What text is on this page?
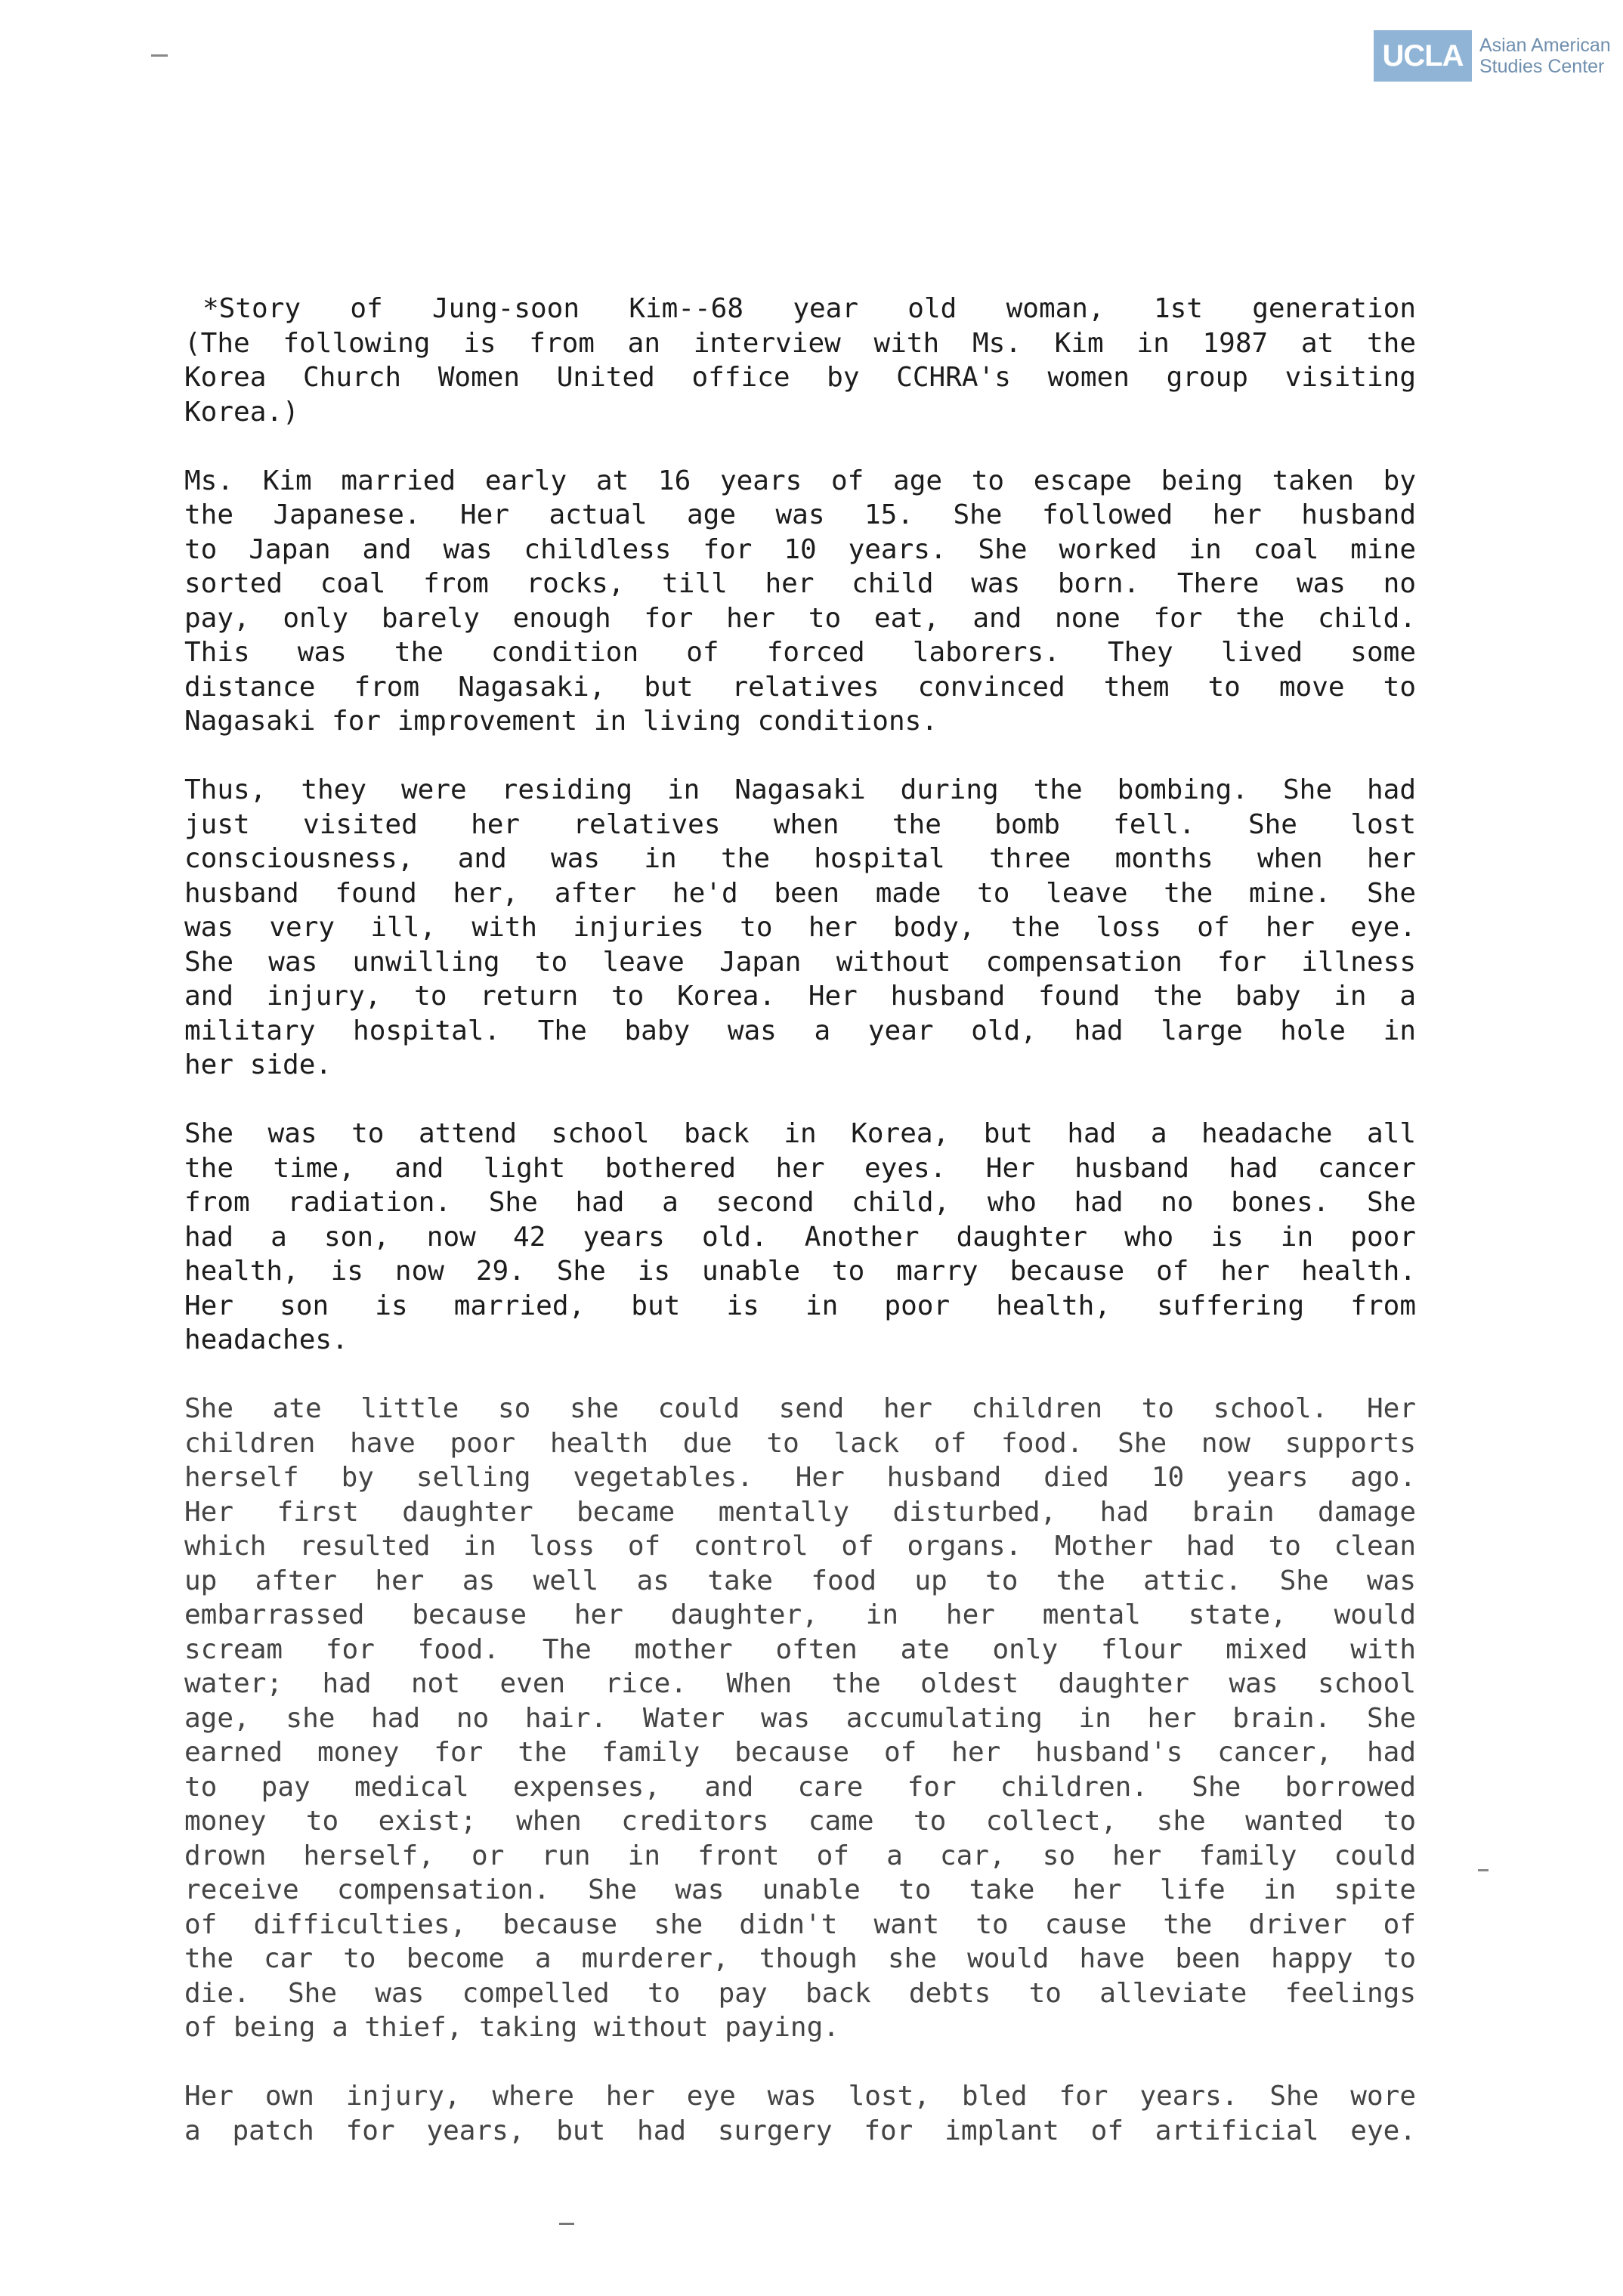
UCLA Asian American
Studies Center
*Story of Jung-soon Kim--68 year old woman, 1st generation
(The following is from an interview with Ms. Kim in 1987 at the
Korea Church Women United office by CCHRA's women group visiting
Korea.)
Ms. Kim married early at 16 years of age to escape being taken by
the Japanese. Her actual age was 15. She followed her husband
to Japan and was childless for 10 years. She worked in coal mine
sorted coal from rocks, till her child was born. There was no
pay, only barely enough for her to eat, and none for the child.
This was the condition of forced laborers. They lived some
distance from Nagasaki, but relatives convinced them to move to
Nagasaki for improvement in living conditions.
Thus, they were residing in Nagasaki during the bombing. She had
just visited her relatives when the bomb fell. She lost
consciousness, and was in the hospital three months when her
husband found her, after he'd been made to leave the mine. She
was very ill, with injuries to her body, the loss of her eye.
She was unwilling to leave Japan without compensation for illness
and injury, to return to Korea. Her husband found the baby in a
military hospital. The baby was a year old, had large hole in
her side.
She was to attend school back in Korea, but had a headache all
the time, and light bothered her eyes. Her husband had cancer
from radiation. She had a second child, who had no bones. She
had a son, now 42 years old. Another daughter who is in poor
health, is now 29. She is unable to marry because of her health.
Her son is married, but is in poor health, suffering from
headaches.
She ate little so she could send her children to school. Her
children have poor health due to lack of food. She now supports
herself by selling vegetables. Her husband died 10 years ago.
Her first daughter became mentally disturbed, had brain damage
which resulted in loss of control of organs. Mother had to clean
up after her as well as take food up to the attic. She was
embarrassed because her daughter, in her mental state, would
scream for food. The mother often ate only flour mixed with
water; had not even rice. When the oldest daughter was school
age, she had no hair. Water was accumulating in her brain. She
earned money for the family because of her husband's cancer, had
to pay medical expenses, and care for children. She borrowed
money to exist; when creditors came to collect, she wanted to
drown herself, or run in front of a car, so her family could
receive compensation. She was unable to take her life in spite
of difficulties, because she didn't want to cause the driver of
the car to become a murderer, though she would have been happy to
die. She was compelled to pay back debts to alleviate feelings
of being a thief, taking without paying.
Her own injury, where her eye was lost, bled for years. She wore
a patch for years, but had surgery for implant of artificial eye.
